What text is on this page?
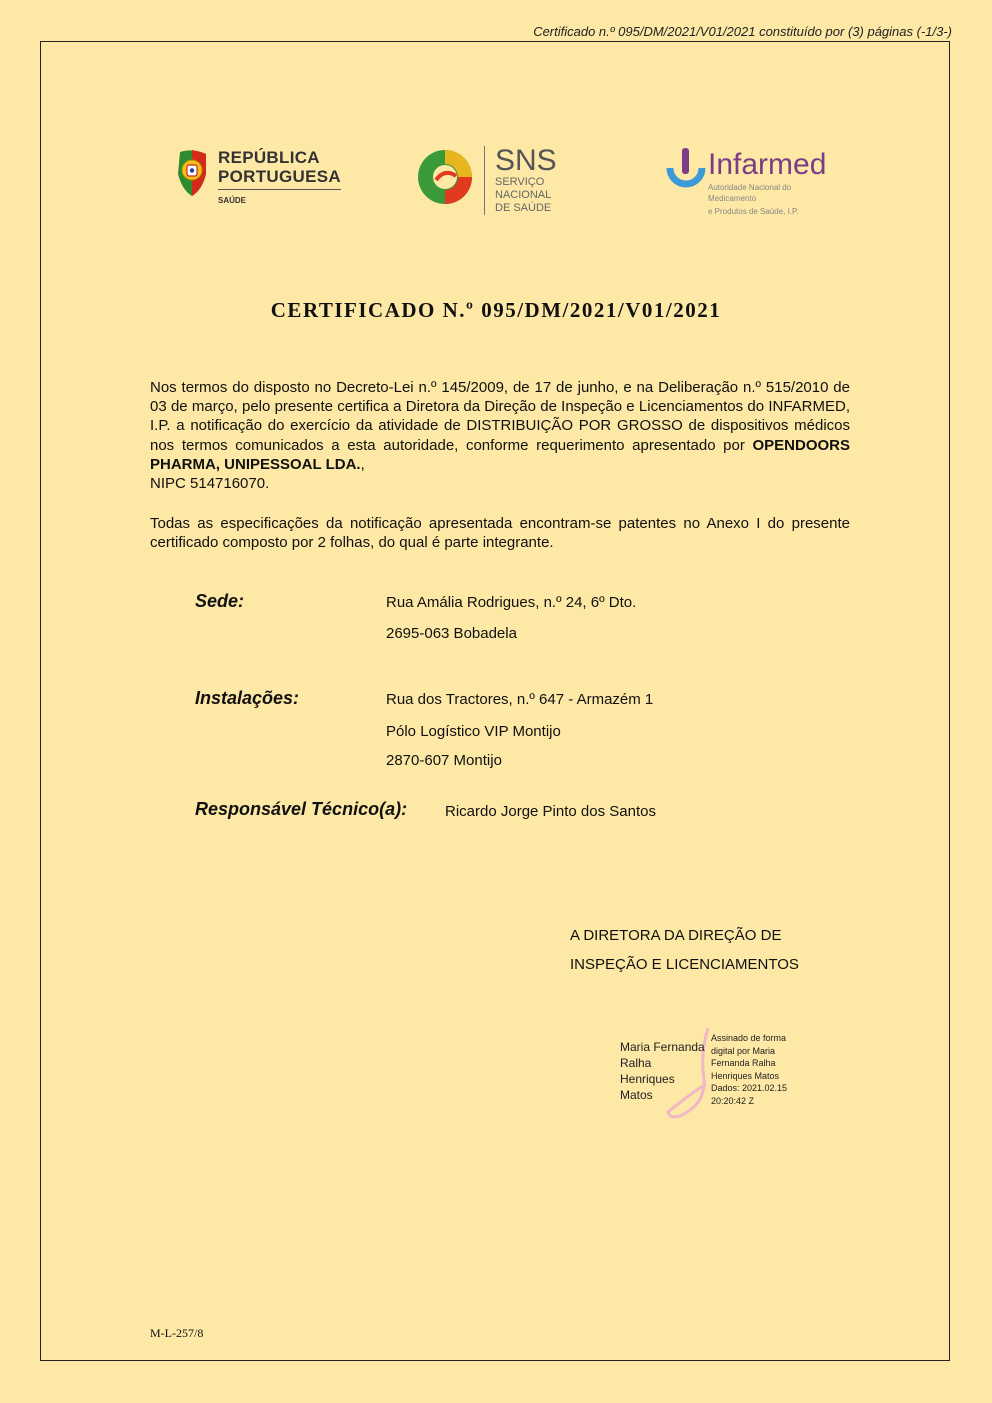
Certificado n.º 095/DM/2021/V01/2021 constituído por (3) páginas (-1/3-)
REPÚBLICA
PORTUGUESA
SAÚDE
SNS
SERVIÇO NACIONAL
DE SAÚDE
Infarmed
Autoridade Nacional do Medicamento
e Produtos de Saúde, I.P.
CERTIFICADO N.º 095/DM/2021/V01/2021
Nos termos do disposto no Decreto-Lei n.º 145/2009, de 17 de junho, e na Deliberação n.º 515/2010 de 03 de março, pelo presente certifica a Diretora da Direção de Inspeção e Licenciamentos do INFARMED, I.P. a notificação do exercício da atividade de DISTRIBUIÇÃO POR GROSSO de dispositivos médicos nos termos comunicados a esta autoridade, conforme requerimento apresentado por OPENDOORS PHARMA, UNIPESSOAL LDA.,
NIPC 514716070.
Todas as especificações da notificação apresentada encontram-se patentes no Anexo I do presente certificado composto por 2 folhas, do qual é parte integrante.
Sede:	Rua Amália Rodrigues, n.º 24, 6º Dto.
2695-063 Bobadela
Instalações:	Rua dos Tractores, n.º 647 - Armazém 1
Pólo Logístico VIP Montijo
2870-607 Montijo
Responsável Técnico(a):	Ricardo Jorge Pinto dos Santos
A DIRETORA DA DIREÇÃO DE
INSPEÇÃO E LICENCIAMENTOS
Maria Fernanda
Ralha
Henriques
Matos
Assinado de forma
digital por Maria
Fernanda Ralha
Henriques Matos
Dados: 2021.02.15
20:20:42 Z
M-L-257/8
